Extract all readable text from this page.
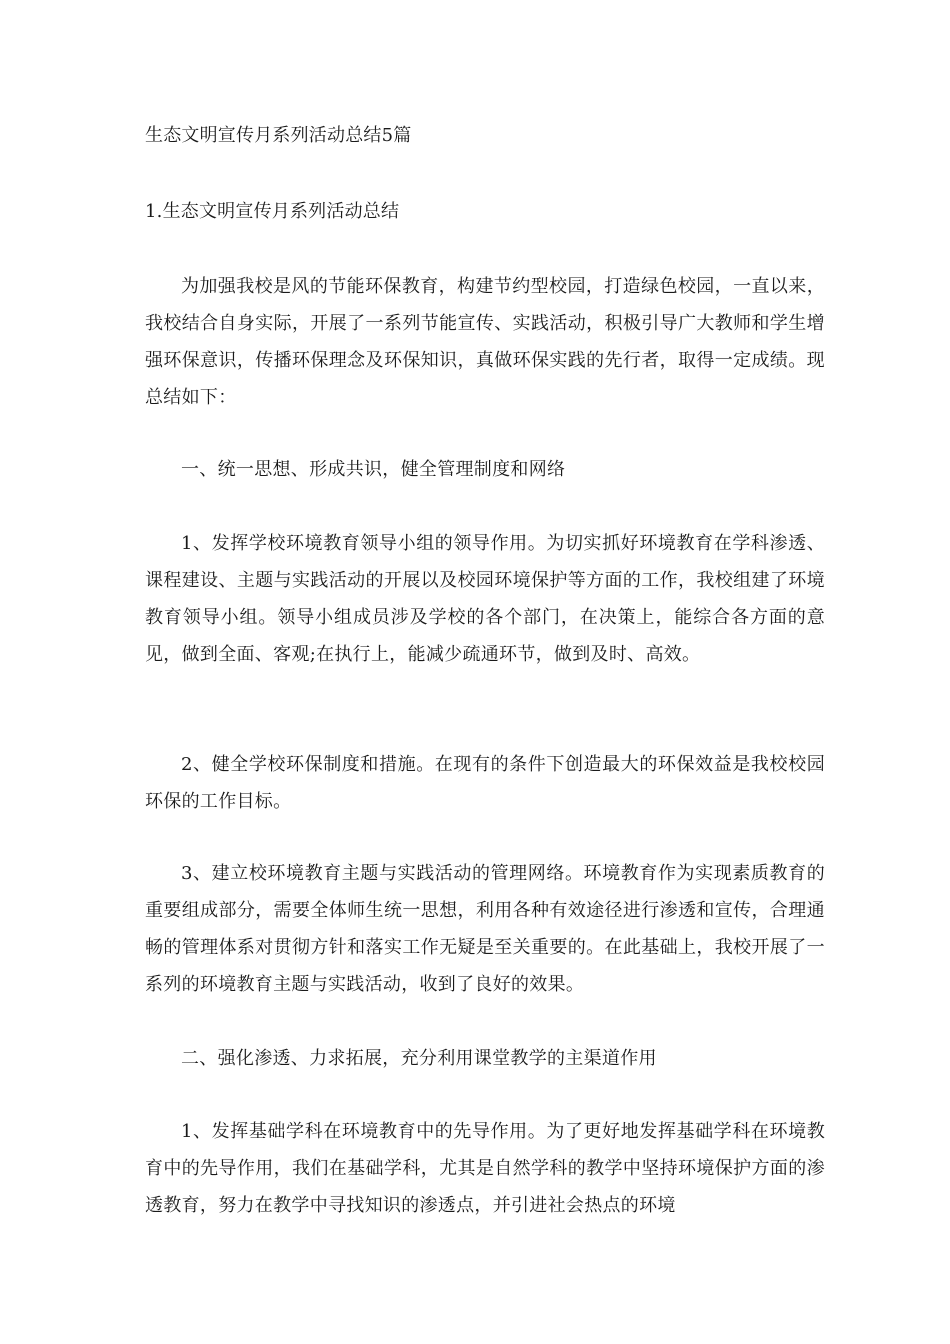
生态文明宣传月系列活动总结5篇
1.生态文明宣传月系列活动总结
为加强我校是风的节能环保教育，构建节约型校园，打造绿色校园，一直以来，我校结合自身实际，开展了一系列节能宣传、实践活动，积极引导广大教师和学生增强环保意识，传播环保理念及环保知识，真做环保实践的先行者，取得一定成绩。现总结如下：
一、统一思想、形成共识，健全管理制度和网络
1、发挥学校环境教育领导小组的领导作用。为切实抓好环境教育在学科渗透、课程建设、主题与实践活动的开展以及校园环境保护等方面的工作，我校组建了环境教育领导小组。领导小组成员涉及学校的各个部门，在决策上，能综合各方面的意见，做到全面、客观;在执行上，能减少疏通环节，做到及时、高效。
2、健全学校环保制度和措施。在现有的条件下创造最大的环保效益是我校校园环保的工作目标。
3、建立校环境教育主题与实践活动的管理网络。环境教育作为实现素质教育的重要组成部分，需要全体师生统一思想，利用各种有效途径进行渗透和宣传，合理通畅的管理体系对贯彻方针和落实工作无疑是至关重要的。在此基础上，我校开展了一系列的环境教育主题与实践活动，收到了良好的效果。
二、强化渗透、力求拓展，充分利用课堂教学的主渠道作用
1、发挥基础学科在环境教育中的先导作用。为了更好地发挥基础学科在环境教育中的先导作用，我们在基础学科，尤其是自然学科的教学中坚持环境保护方面的渗透教育，努力在教学中寻找知识的渗透点，并引进社会热点的环境
